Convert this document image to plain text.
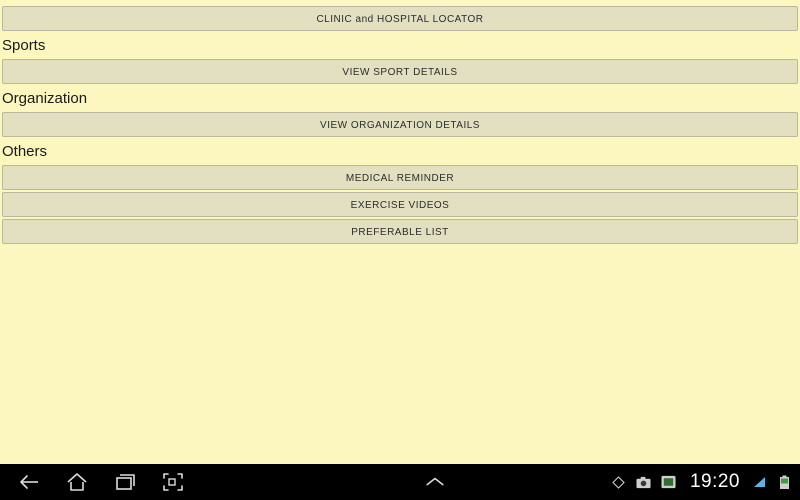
CLINIC and HOSPITAL LOCATOR
Sports
VIEW SPORT DETAILS
Organization
VIEW ORGANIZATION DETAILS
Others
MEDICAL REMINDER
EXERCISE VIDEOS
PREFERABLE LIST
19:20
